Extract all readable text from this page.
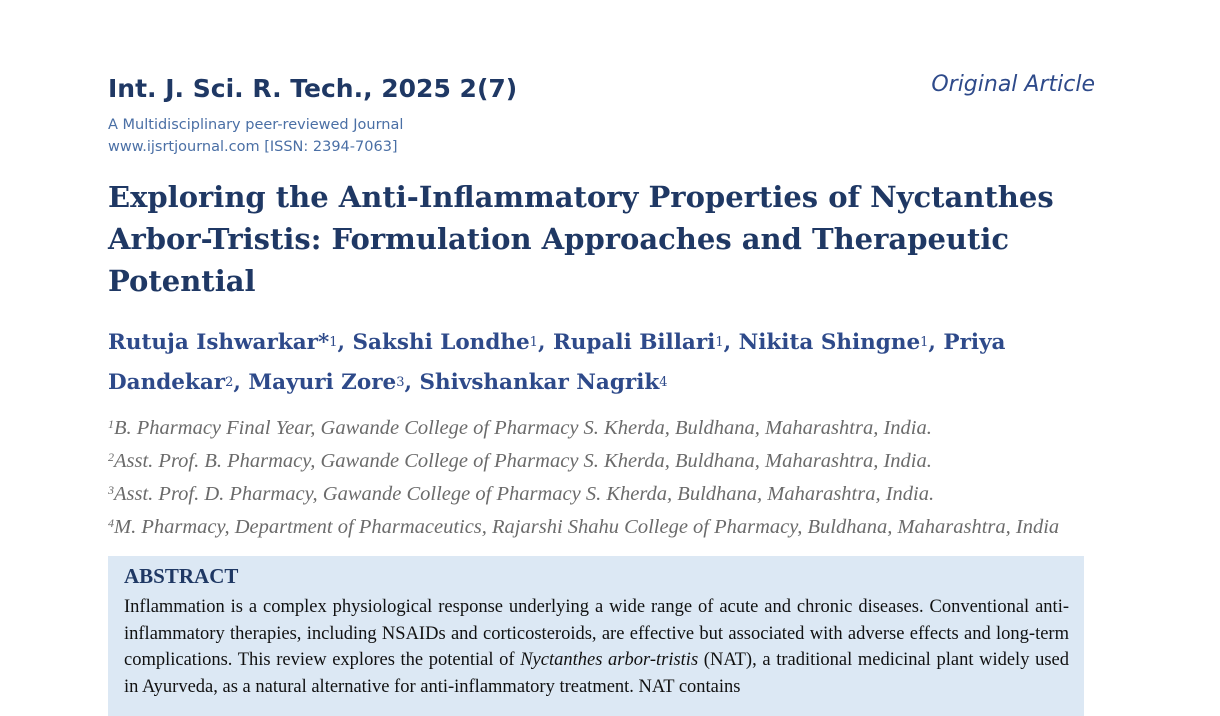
Int. J. Sci. R. Tech., 2025 2(7)	Original Article
A Multidisciplinary peer-reviewed Journal
www.ijsrtjournal.com [ISSN: 2394-7063]
Exploring the Anti-Inflammatory Properties of Nyctanthes
Arbor-Tristis: Formulation Approaches and Therapeutic
Potential
Rutuja Ishwarkar*$^1$, Sakshi Londhe$^1$, Rupali Billari$^1$, Nikita Shingne$^1$, Priya Dandekar$^2$, Mayuri Zore$^3$, Shivshankar Nagrik$^4$

$^1$B. Pharmacy Final Year, Gawande College of Pharmacy S. Kherda, Buldhana, Maharashtra, India.

$^2$Asst. Prof. B. Pharmacy, Gawande College of Pharmacy S. Kherda, Buldhana, Maharashtra, India.

$^3$Asst. Prof. D. Pharmacy, Gawande College of Pharmacy S. Kherda, Buldhana, Maharashtra, India.

$^4$M. Pharmacy, Department of Pharmaceutics, Rajarshi Shahu College of Pharmacy, Buldhana, Maharashtra, India

ABSTRACT
Inflammation is a complex physiological response underlying a wide range of acute and chronic diseases. Conventional anti-inflammatory therapies, including NSAIDs and corticosteroids, are effective but associated with adverse effects and long-term complications. This review explores the potential of Nyctanthes arbor-tristis (NAT), a traditional medicinal plant widely used in Ayurveda, as a natural alternative for anti-inflammatory treatment. NAT contains
